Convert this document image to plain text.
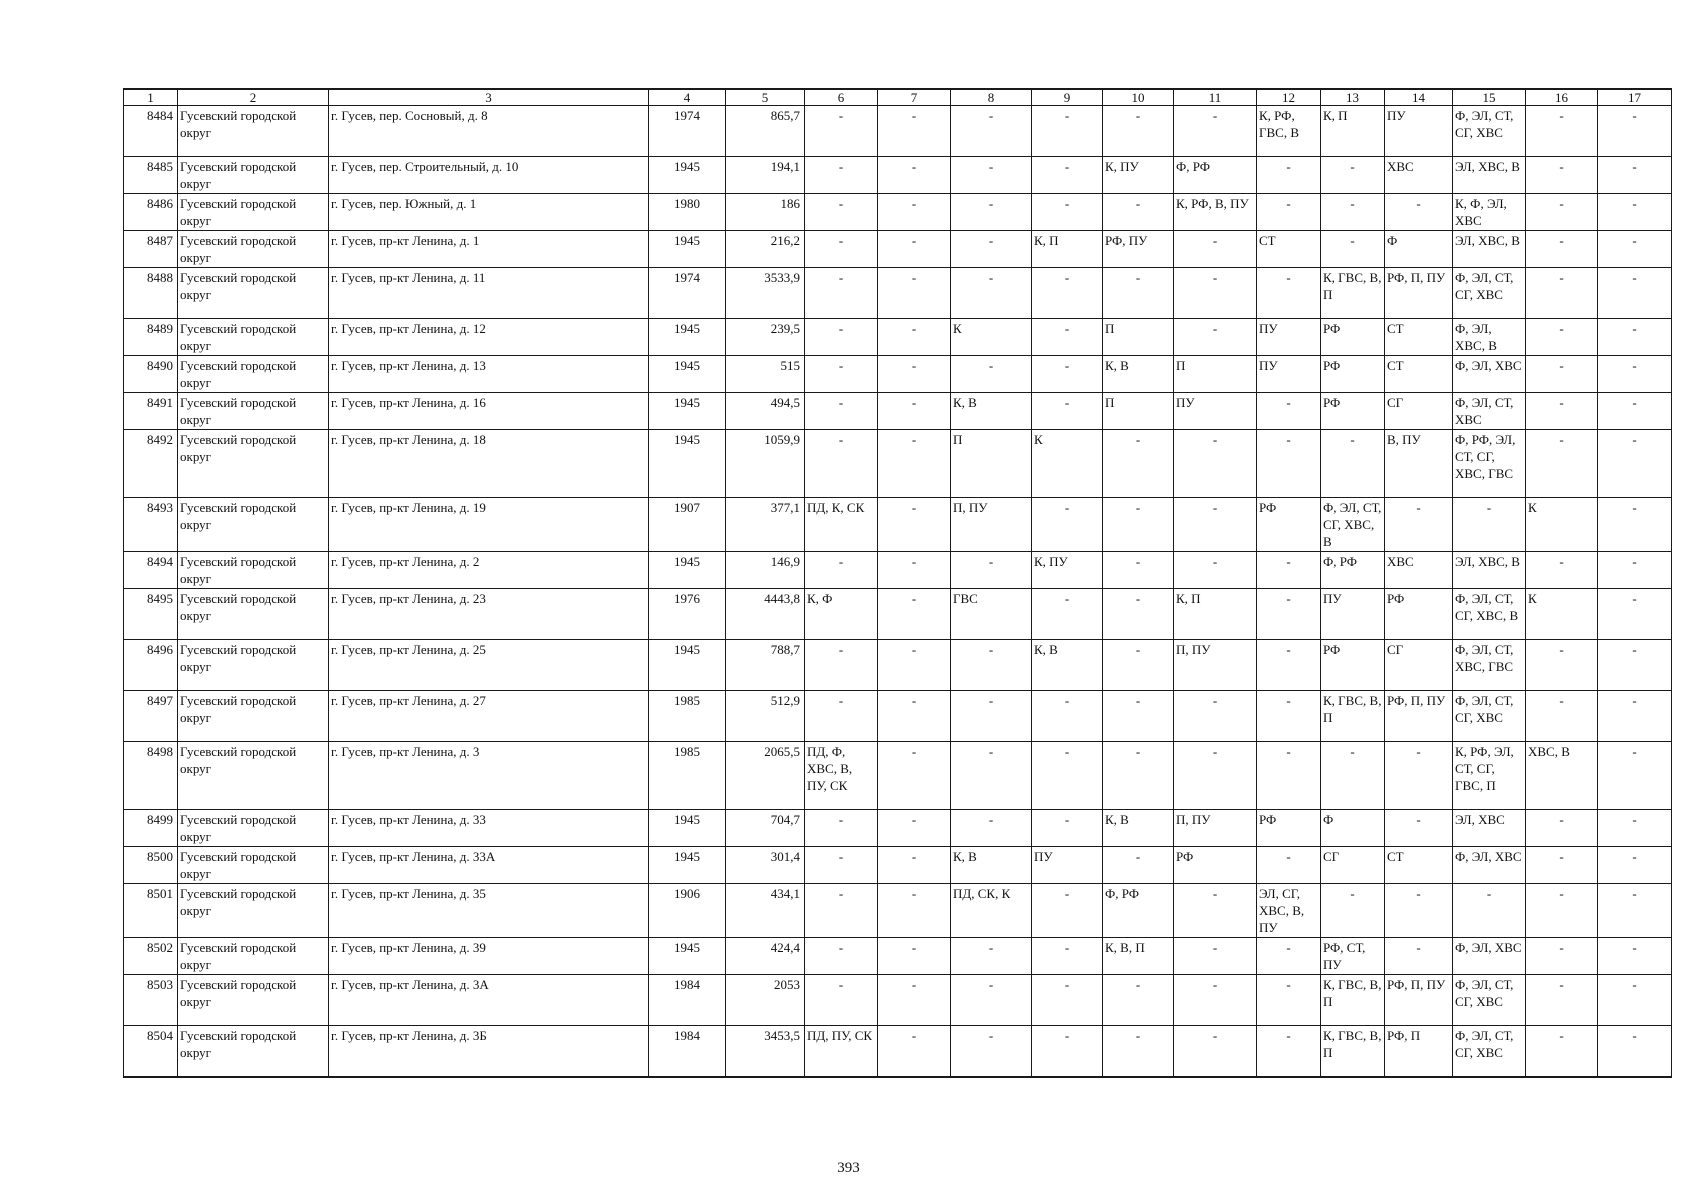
1	2	3	4	5	6	7	8	9	10	11	12	13	14	15	16	17
8484	Гусевский городской округ	г. Гусев, пер. Сосновый, д. 8	1974	865,7	-	-	-	-	-	-	К, РФ, ГВС, В	К, П	ПУ	Ф, ЭЛ, СТ, СГ, ХВС	-	-
8485	Гусевский городской округ	г. Гусев, пер. Строительный, д. 10	1945	194,1	-	-	-	-	К, ПУ	Ф, РФ	-	-	ХВС	ЭЛ, ХВС, В	-	-
8486	Гусевский городской округ	г. Гусев, пер. Южный, д. 1	1980	186	-	-	-	-	-	К, РФ, В, ПУ	-	-	-	К, Ф, ЭЛ, ХВС	-	-
8487	Гусевский городской округ	г. Гусев, пр-кт Ленина, д. 1	1945	216,2	-	-	-	К, П	РФ, ПУ	-	СТ	-	Ф	ЭЛ, ХВС, В	-	-
8488	Гусевский городской округ	г. Гусев, пр-кт Ленина, д. 11	1974	3533,9	-	-	-	-	-	-	-	К, ГВС, В, П	РФ, П, ПУ	Ф, ЭЛ, СТ, СГ, ХВС	-	-
8489	Гусевский городской округ	г. Гусев, пр-кт Ленина, д. 12	1945	239,5	-	-	К	-	П	-	ПУ	РФ	СТ	Ф, ЭЛ, ХВС, В	-	-
8490	Гусевский городской округ	г. Гусев, пр-кт Ленина, д. 13	1945	515	-	-	-	-	К, В	П	ПУ	РФ	СТ	Ф, ЭЛ, ХВС	-	-
8491	Гусевский городской округ	г. Гусев, пр-кт Ленина, д. 16	1945	494,5	-	-	К, В	-	П	ПУ	-	РФ	СГ	Ф, ЭЛ, СТ, ХВС	-	-
8492	Гусевский городской округ	г. Гусев, пр-кт Ленина, д. 18	1945	1059,9	-	-	П	К	-	-	-	-	В, ПУ	Ф, РФ, ЭЛ, СТ, СГ, ХВС, ГВС	-	-
8493	Гусевский городской округ	г. Гусев, пр-кт Ленина, д. 19	1907	377,1	ПД, К, СК	-	П, ПУ	-	-	-	РФ	Ф, ЭЛ, СТ, СГ, ХВС, В	-	-	К	-
8494	Гусевский городской округ	г. Гусев, пр-кт Ленина, д. 2	1945	146,9	-	-	-	К, ПУ	-	-	-	Ф, РФ	ХВС	ЭЛ, ХВС, В	-	-
8495	Гусевский городской округ	г. Гусев, пр-кт Ленина, д. 23	1976	4443,8	К, Ф	-	ГВС	-	-	К, П	-	ПУ	РФ	Ф, ЭЛ, СТ, СГ, ХВС, В	К	-
8496	Гусевский городской округ	г. Гусев, пр-кт Ленина, д. 25	1945	788,7	-	-	-	К, В	-	П, ПУ	-	РФ	СГ	Ф, ЭЛ, СТ, ХВС, ГВС	-	-
8497	Гусевский городской округ	г. Гусев, пр-кт Ленина, д. 27	1985	512,9	-	-	-	-	-	-	-	К, ГВС, В, П	РФ, П, ПУ	Ф, ЭЛ, СТ, СГ, ХВС	-	-
8498	Гусевский городской округ	г. Гусев, пр-кт Ленина, д. 3	1985	2065,5	ПД, Ф, ХВС, В, ПУ, СК	-	-	-	-	-	-	-	-	К, РФ, ЭЛ, СТ, СГ, ГВС, П	ХВС, В	-
8499	Гусевский городской округ	г. Гусев, пр-кт Ленина, д. 33	1945	704,7	-	-	-	-	К, В	П, ПУ	РФ	Ф	-	ЭЛ, ХВС	-	-
8500	Гусевский городской округ	г. Гусев, пр-кт Ленина, д. 33А	1945	301,4	-	-	К, В	ПУ	-	РФ	-	СГ	СТ	Ф, ЭЛ, ХВС	-	-
8501	Гусевский городской округ	г. Гусев, пр-кт Ленина, д. 35	1906	434,1	-	-	ПД, СК, К	-	Ф, РФ	-	ЭЛ, СГ, ХВС, В, ПУ	-	-	-	-	-
8502	Гусевский городской округ	г. Гусев, пр-кт Ленина, д. 39	1945	424,4	-	-	-	-	К, В, П	-	-	РФ, СТ, ПУ	-	Ф, ЭЛ, ХВС	-	-
8503	Гусевский городской округ	г. Гусев, пр-кт Ленина, д. 3А	1984	2053	-	-	-	-	-	-	-	К, ГВС, В, П	РФ, П, ПУ	Ф, ЭЛ, СТ, СГ, ХВС	-	-
8504	Гусевский городской округ	г. Гусев, пр-кт Ленина, д. 3Б	1984	3453,5	ПД, ПУ, СК	-	-	-	-	-	-	К, ГВС, В, П	РФ, П	Ф, ЭЛ, СТ, СГ, ХВС	-	-
393
